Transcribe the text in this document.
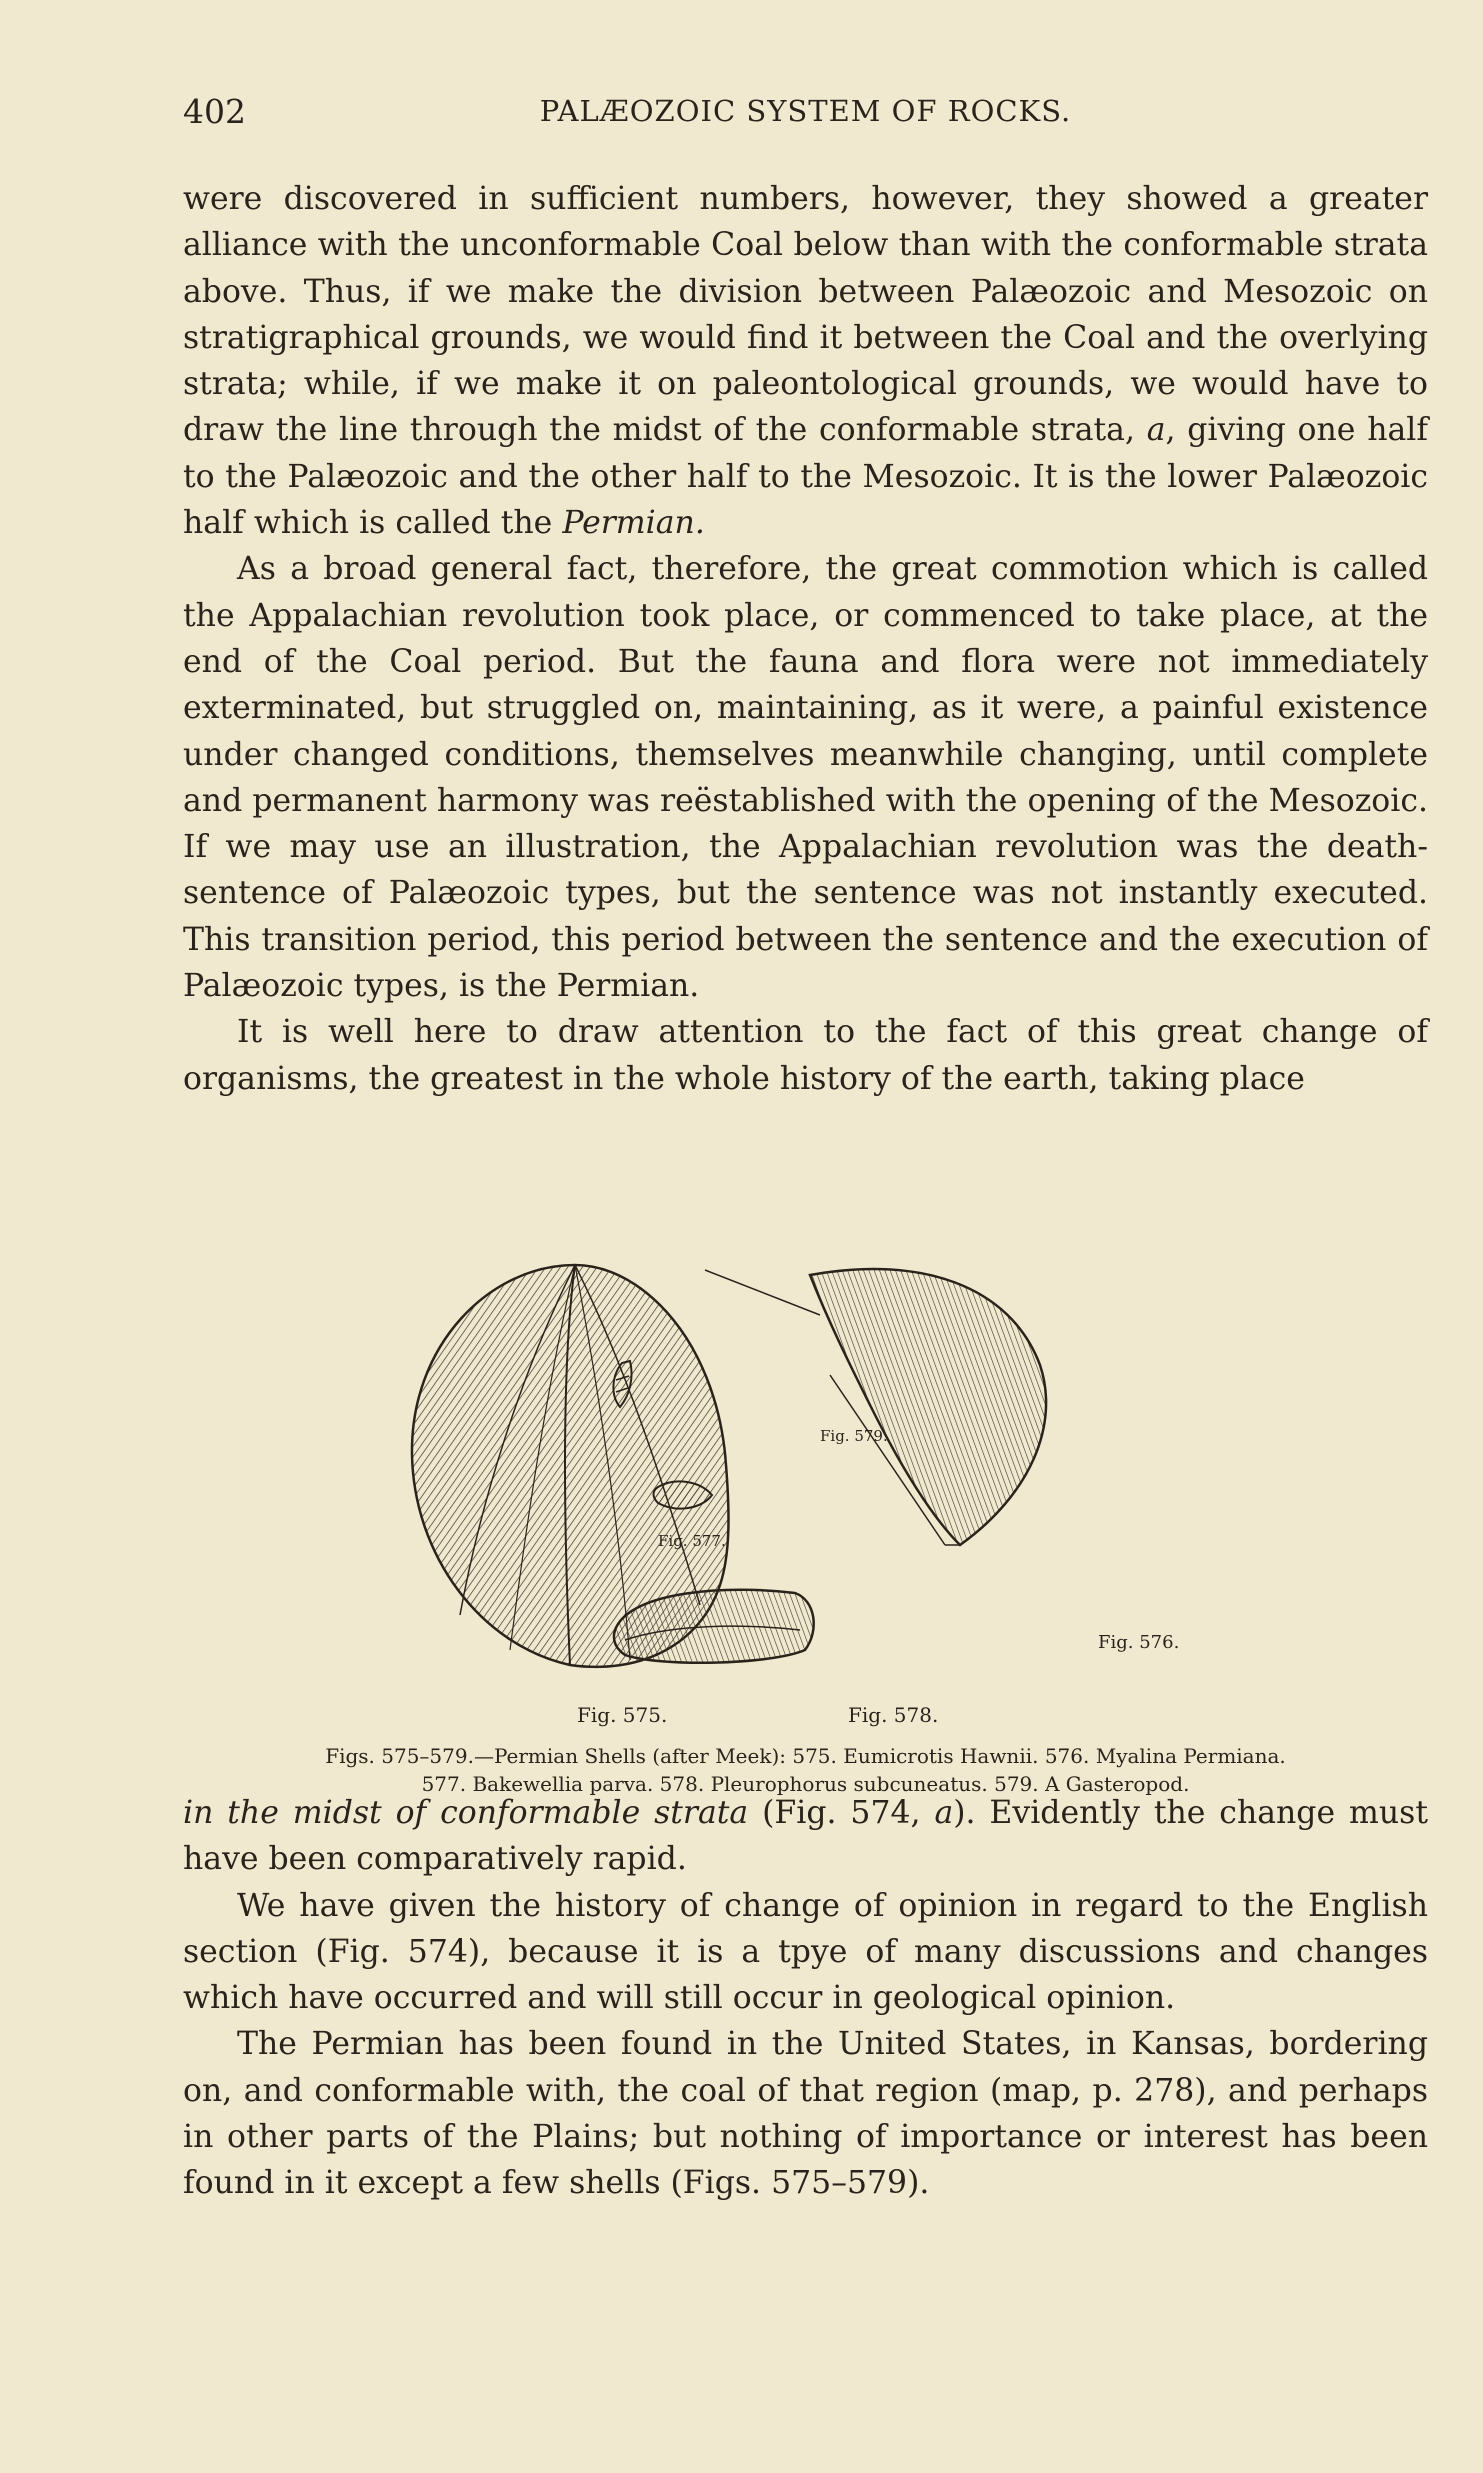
402	PALÆOZOIC SYSTEM OF ROCKS.

were discovered in sufficient numbers, however, they showed a greater alliance with the unconformable Coal below than with the conformable strata above. Thus, if we make the division between Palæozoic and Mesozoic on stratigraphical grounds, we would find it between the Coal and the overlying strata; while, if we make it on paleontological grounds, we would have to draw the line through the midst of the conformable strata, a, giving one half to the Palæozoic and the other half to the Mesozoic. It is the lower Palæozoic half which is called the Permian.

As a broad general fact, therefore, the great commotion which is called the Appalachian revolution took place, or commenced to take place, at the end of the Coal period. But the fauna and flora were not immediately exterminated, but struggled on, maintaining, as it were, a painful existence under changed conditions, themselves meanwhile changing, until complete and permanent harmony was reëstablished with the opening of the Mesozoic. If we may use an illustration, the Appalachian revolution was the death-sentence of Palæozoic types, but the sentence was not instantly executed. This transition period, this period between the sentence and the execution of Palæozoic types, is the Permian.

It is well here to draw attention to the fact of this great change of organisms, the greatest in the whole history of the earth, taking place

Fig. 579.
Fig. 577.
Fig. 576.
Fig. 575.	Fig. 578.
Figs. 575–579.—Permian Shells (after Meek): 575. Eumicrotis Hawnii. 576. Myalina Permiana.
577. Bakewellia parva. 578. Pleurophorus subcuneatus. 579. A Gasteropod.

in the midst of conformable strata (Fig. 574, a). Evidently the change must have been comparatively rapid.

We have given the history of change of opinion in regard to the English section (Fig. 574), because it is a tpye of many discussions and changes which have occurred and will still occur in geological opinion.

The Permian has been found in the United States, in Kansas, bordering on, and conformable with, the coal of that region (map, p. 278), and perhaps in other parts of the Plains; but nothing of importance or interest has been found in it except a few shells (Figs. 575–579).
